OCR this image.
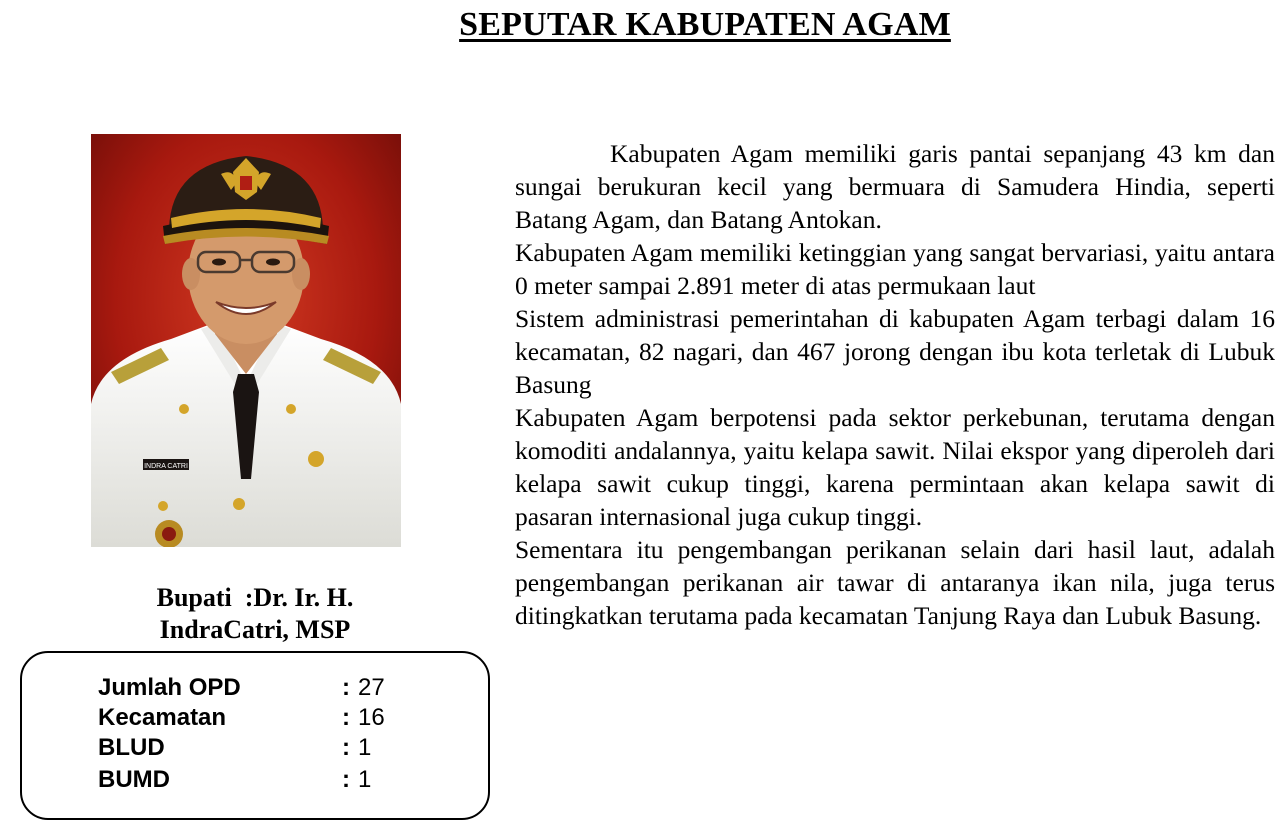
SEPUTAR KABUPATEN AGAM
INDRA CATRI
Bupati  :Dr. Ir. H.
IndraCatri, MSP
Jumlah OPD	: 27
Kecamatan	: 16
BLUD	: 1
BUMD	: 1

Kabupaten Agam memiliki garis pantai sepanjang 43 km dan sungai berukuran kecil yang bermuara di Samudera Hindia, seperti Batang Agam, dan Batang Antokan.

Kabupaten Agam memiliki ketinggian yang sangat bervariasi, yaitu antara 0 meter sampai 2.891 meter di atas permukaan laut

Sistem administrasi pemerintahan di kabupaten Agam terbagi dalam 16 kecamatan, 82 nagari, dan 467 jorong dengan ibu kota terletak di Lubuk Basung

Kabupaten Agam berpotensi pada sektor perkebunan, terutama dengan komoditi andalannya, yaitu kelapa sawit. Nilai ekspor yang diperoleh dari kelapa sawit cukup tinggi, karena permintaan akan kelapa sawit di pasaran internasional juga cukup tinggi.

Sementara itu pengembangan perikanan selain dari hasil laut, adalah pengembangan perikanan air tawar di antaranya ikan nila, juga terus ditingkatkan terutama pada kecamatan Tanjung Raya dan Lubuk Basung.
